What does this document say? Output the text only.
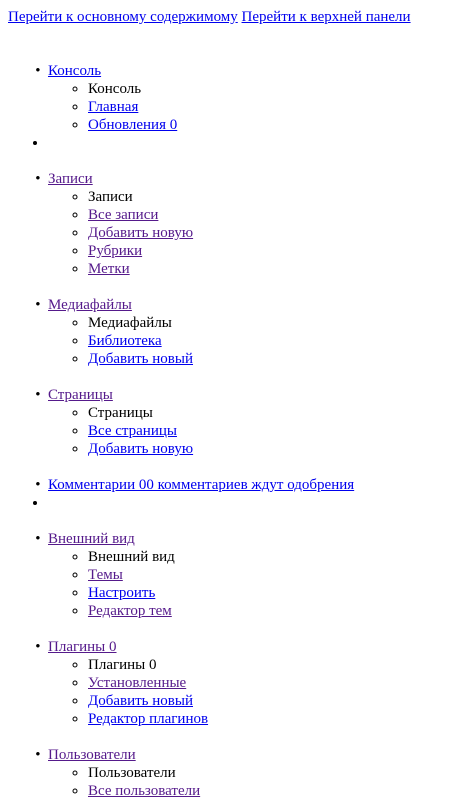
Перейти к основному содержимому Перейти к верхней панели
• Консоль
◦ Консоль
◦ Главная
◦ Обновления 0
•
• Записи
◦ Записи
◦ Все записи
◦ Добавить новую
◦ Рубрики
◦ Метки
• Медиафайлы
◦ Медиафайлы
◦ Библиотека
◦ Добавить новый
• Страницы
◦ Страницы
◦ Все страницы
◦ Добавить новую
• Комментарии 00 комментариев ждут одобрения
•
• Внешний вид
◦ Внешний вид
◦ Темы
◦ Настроить
◦ Редактор тем
• Плагины 0
◦ Плагины 0
◦ Установленные
◦ Добавить новый
◦ Редактор плагинов
• Пользователи
◦ Пользователи
◦ Все пользователи
